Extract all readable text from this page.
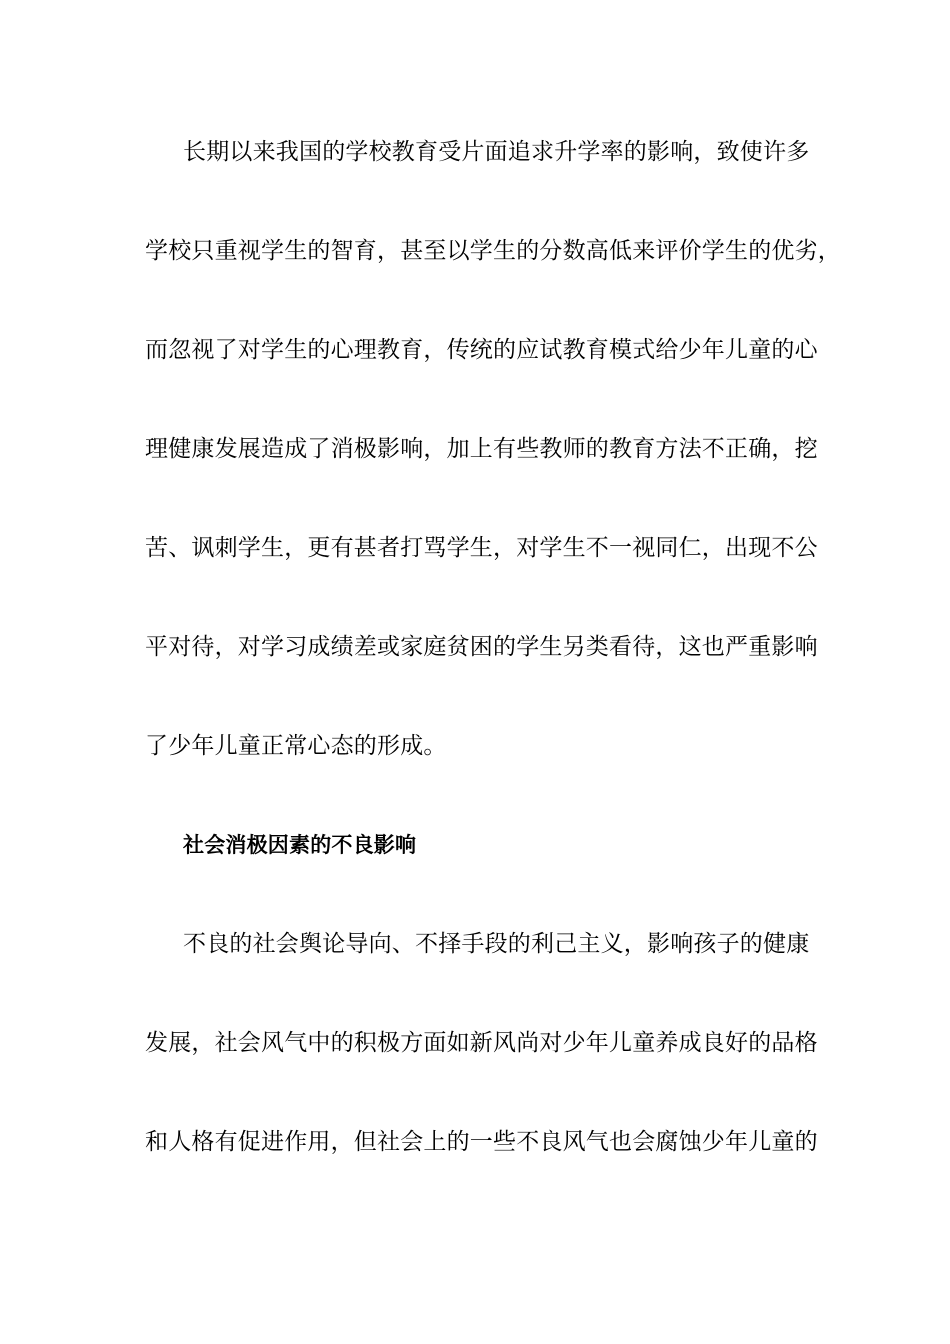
长期以来我国的学校教育受片面追求升学率的影响，致使许多
学校只重视学生的智育，甚至以学生的分数高低来评价学生的优劣，
而忽视了对学生的心理教育，传统的应试教育模式给少年儿童的心
理健康发展造成了消极影响，加上有些教师的教育方法不正确，挖
苦、讽刺学生，更有甚者打骂学生，对学生不一视同仁，出现不公
平对待，对学习成绩差或家庭贫困的学生另类看待，这也严重影响
了少年儿童正常心态的形成。
社会消极因素的不良影响
不良的社会舆论导向、不择手段的利己主义，影响孩子的健康
发展，社会风气中的积极方面如新风尚对少年儿童养成良好的品格
和人格有促进作用，但社会上的一些不良风气也会腐蚀少年儿童的
